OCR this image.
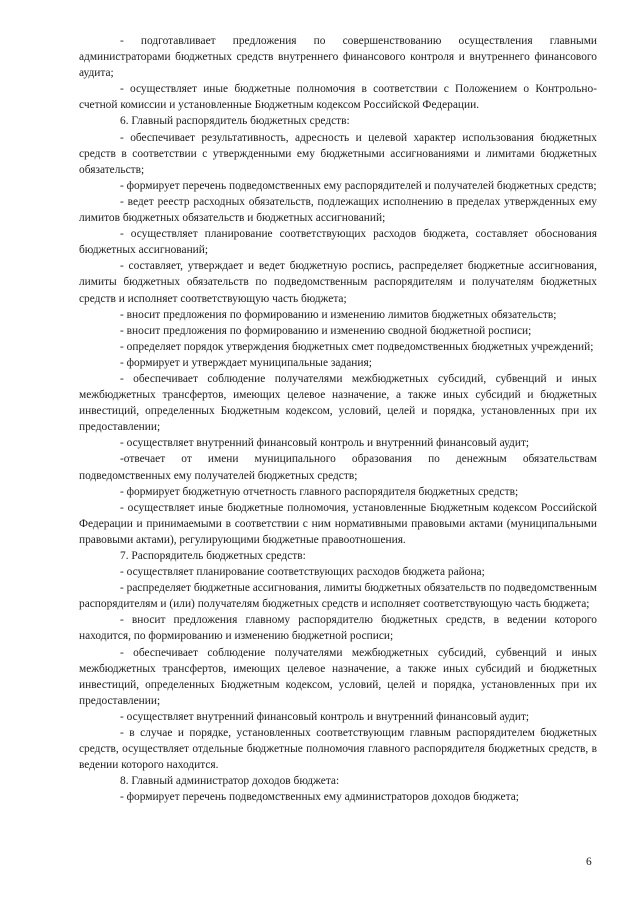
- подготавливает предложения по совершенствованию осуществления главными администраторами бюджетных средств внутреннего финансового контроля и внутреннего финансового аудита;

- осуществляет иные бюджетные полномочия в соответствии с Положением о Контрольно-счетной комиссии и установленные Бюджетным кодексом Российской Федерации.

6. Главный распорядитель бюджетных средств:

- обеспечивает результативность, адресность и целевой характер использования бюджетных средств в соответствии с утвержденными ему бюджетными ассигнованиями и лимитами бюджетных обязательств;

- формирует перечень подведомственных ему распорядителей и получателей бюджетных средств;

- ведет реестр расходных обязательств, подлежащих исполнению в пределах утвержденных ему лимитов бюджетных обязательств и бюджетных ассигнований;

- осуществляет планирование соответствующих расходов бюджета, составляет обоснования бюджетных ассигнований;

- составляет, утверждает и ведет бюджетную роспись, распределяет бюджетные ассигнования, лимиты бюджетных обязательств по подведомственным распорядителям и получателям бюджетных средств и исполняет соответствующую часть бюджета;

- вносит предложения по формированию и изменению лимитов бюджетных обязательств;

- вносит предложения по формированию и изменению сводной бюджетной росписи;

- определяет порядок утверждения бюджетных смет подведомственных бюджетных учреждений;

- формирует и утверждает муниципальные задания;

- обеспечивает соблюдение получателями межбюджетных субсидий, субвенций и иных межбюджетных трансфертов, имеющих целевое назначение, а также иных субсидий и бюджетных инвестиций, определенных Бюджетным кодексом, условий, целей и порядка, установленных при их предоставлении;

- осуществляет внутренний финансовый контроль и внутренний финансовый аудит;

-отвечает от имени муниципального образования по денежным обязательствам подведомственных ему получателей бюджетных средств;

- формирует бюджетную отчетность главного распорядителя бюджетных средств;

- осуществляет иные бюджетные полномочия, установленные Бюджетным кодексом Российской Федерации и принимаемыми в соответствии с ним нормативными правовыми актами (муниципальными правовыми актами), регулирующими бюджетные правоотношения.

7. Распорядитель бюджетных средств:

- осуществляет планирование соответствующих расходов бюджета района;

- распределяет бюджетные ассигнования, лимиты бюджетных обязательств по подведомственным распорядителям и (или) получателям бюджетных средств и исполняет соответствующую часть бюджета;

- вносит предложения главному распорядителю бюджетных средств, в ведении которого находится, по формированию и изменению бюджетной росписи;

- обеспечивает соблюдение получателями межбюджетных субсидий, субвенций и иных межбюджетных трансфертов, имеющих целевое назначение, а также иных субсидий и бюджетных инвестиций, определенных Бюджетным кодексом, условий, целей и порядка, установленных при их предоставлении;

- осуществляет внутренний финансовый контроль и внутренний финансовый аудит;

- в случае и порядке, установленных соответствующим главным распорядителем бюджетных средств, осуществляет отдельные бюджетные полномочия главного распорядителя бюджетных средств, в ведении которого находится.

8. Главный администратор доходов бюджета:

- формирует перечень подведомственных ему администраторов доходов бюджета;

6
